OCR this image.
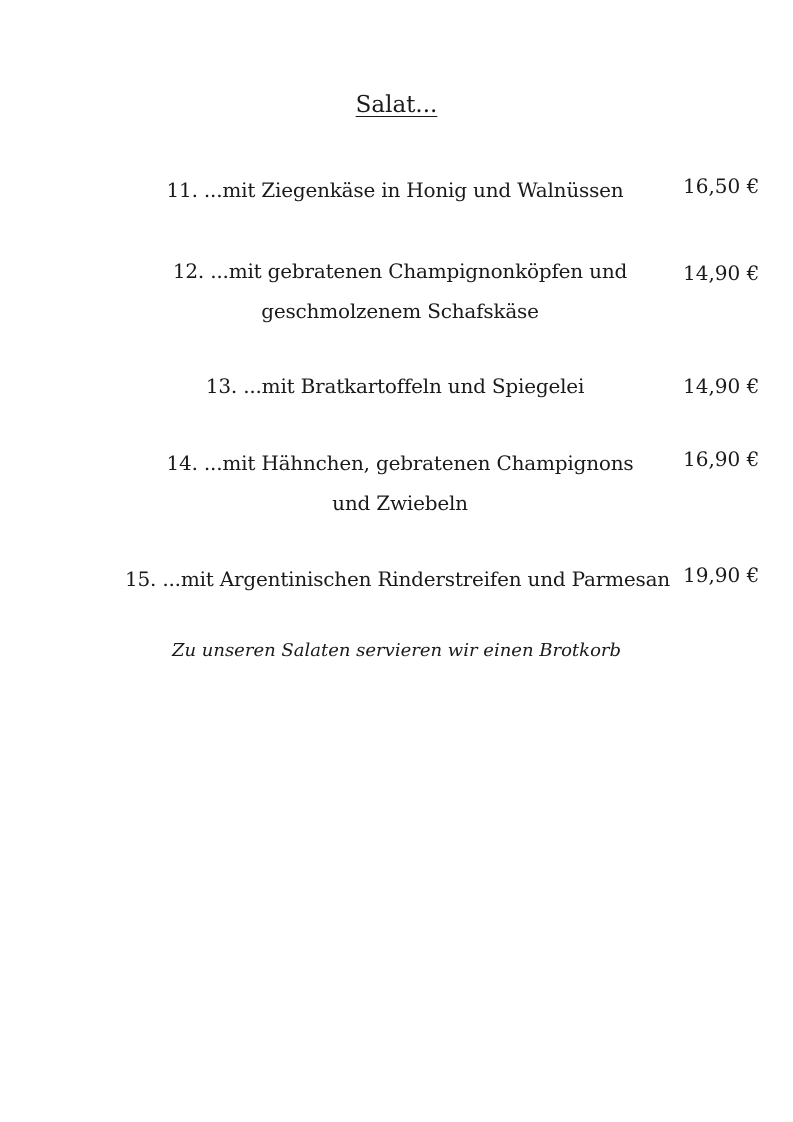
Salat...
11. ...mit Ziegenkäse in Honig und Walnüssen	16,50 €
12. ...mit gebratenen Champignonköpfen und
geschmolzenem Schafskäse
14,90 €
13. ...mit Bratkartoffeln und Spiegelei	14,90 €
14. ...mit Hähnchen, gebratenen Champignons
und Zwiebeln
16,90 €
15. ...mit Argentinischen Rinderstreifen und Parmesan 19,90 €
Zu unseren Salaten servieren wir einen Brotkorb
